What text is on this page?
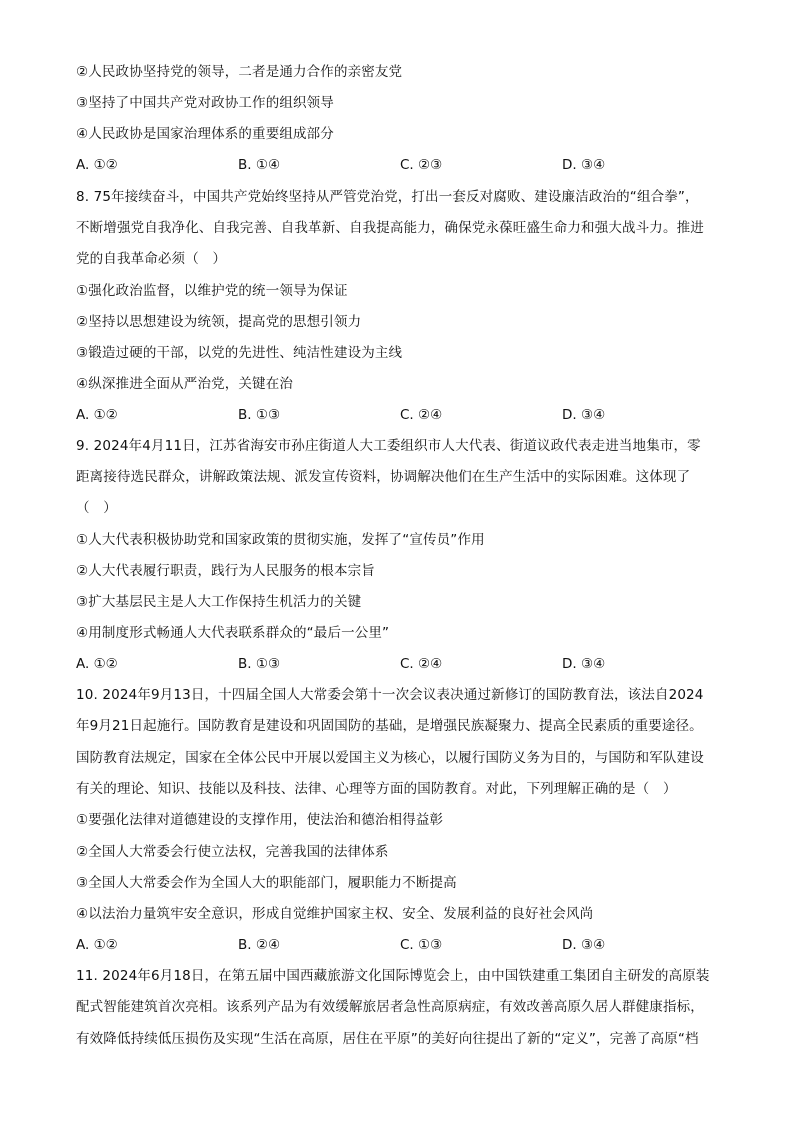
②人民政协坚持党的领导，二者是通力合作的亲密友党
③坚持了中国共产党对政协工作的组织领导
④人民政协是国家治理体系的重要组成部分
A. ①②	B. ①④	C. ②③	D. ③④
8. 75年接续奋斗，中国共产党始终坚持从严管党治党，打出一套反对腐败、建设廉洁政治的“组合拳”，
不断增强党自我净化、自我完善、自我革新、自我提高能力，确保党永葆旺盛生命力和强大战斗力。推进
党的自我革命必须（　）
①强化政治监督，以维护党的统一领导为保证
②坚持以思想建设为统领，提高党的思想引领力
③锻造过硬的干部，以党的先进性、纯洁性建设为主线
④纵深推进全面从严治党，关键在治
A. ①②	B. ①③	C. ②④	D. ③④
9. 2024年4月11日，江苏省海安市孙庄街道人大工委组织市人大代表、街道议政代表走进当地集市，零
距离接待选民群众，讲解政策法规、派发宣传资料，协调解决他们在生产生活中的实际困难。这体现了
（　）
①人大代表积极协助党和国家政策的贯彻实施，发挥了“宣传员”作用
②人大代表履行职责，践行为人民服务的根本宗旨
③扩大基层民主是人大工作保持生机活力的关键
④用制度形式畅通人大代表联系群众的“最后一公里”
A. ①②	B. ①③	C. ②④	D. ③④
10. 2024年9月13日，十四届全国人大常委会第十一次会议表决通过新修订的国防教育法，该法自2024
年9月21日起施行。国防教育是建设和巩固国防的基础，是增强民族凝聚力、提高全民素质的重要途径。
国防教育法规定，国家在全体公民中开展以爱国主义为核心，以履行国防义务为目的，与国防和军队建设
有关的理论、知识、技能以及科技、法律、心理等方面的国防教育。对此，下列理解正确的是（　）
①要强化法律对道德建设的支撑作用，使法治和德治相得益彰
②全国人大常委会行使立法权，完善我国的法律体系
③全国人大常委会作为全国人大的职能部门，履职能力不断提高
④以法治力量筑牢安全意识，形成自觉维护国家主权、安全、发展利益的良好社会风尚
A. ①②	B. ②④	C. ①③	D. ③④
11. 2024年6月18日，在第五届中国西藏旅游文化国际博览会上，由中国铁建重工集团自主研发的高原装
配式智能建筑首次亮相。该系列产品为有效缓解旅居者急性高原病症，有效改善高原久居人群健康指标，
有效降低持续低压损伤及实现“生活在高原，居住在平原”的美好向往提出了新的“定义”，完善了高原“档
